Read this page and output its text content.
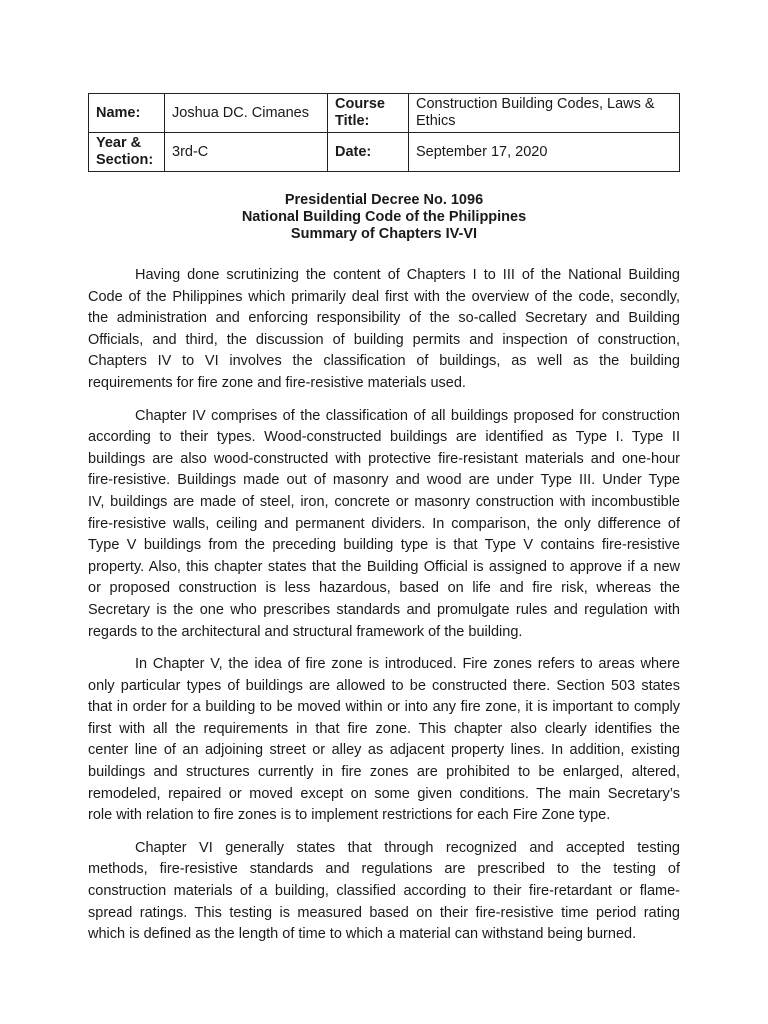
Name:	Joshua DC. Cimanes	Course Title:	Construction Building Codes, Laws & Ethics
Year & Section:	3rd-C	Date:	September 17, 2020
Presidential Decree No. 1096
National Building Code of the Philippines
Summary of Chapters IV-VI
Having done scrutinizing the content of Chapters I to III of the National Building
Code of the Philippines which primarily deal first with the overview of the code, secondly,
the administration and enforcing responsibility of the so-called Secretary and Building
Officials, and third, the discussion of building permits and inspection of construction,
Chapters IV to VI involves the classification of buildings, as well as the building
requirements for fire zone and fire-resistive materials used.
Chapter IV comprises of the classification of all buildings proposed for construction
according to their types. Wood-constructed buildings are identified as Type I. Type II
buildings are also wood-constructed with protective fire-resistant materials and one-hour
fire-resistive. Buildings made out of masonry and wood are under Type III. Under Type
IV, buildings are made of steel, iron, concrete or masonry construction with incombustible
fire-resistive walls, ceiling and permanent dividers. In comparison, the only difference of
Type V buildings from the preceding building type is that Type V contains fire-resistive
property. Also, this chapter states that the Building Official is assigned to approve if a new
or proposed construction is less hazardous, based on life and fire risk, whereas the
Secretary is the one who prescribes standards and promulgate rules and regulation with
regards to the architectural and structural framework of the building.
In Chapter V, the idea of fire zone is introduced. Fire zones refers to areas where
only particular types of buildings are allowed to be constructed there. Section 503 states
that in order for a building to be moved within or into any fire zone, it is important to comply
first with all the requirements in that fire zone. This chapter also clearly identifies the
center line of an adjoining street or alley as adjacent property lines. In addition, existing
buildings and structures currently in fire zones are prohibited to be enlarged, altered,
remodeled, repaired or moved except on some given conditions. The main Secretary’s
role with relation to fire zones is to implement restrictions for each Fire Zone type.
Chapter VI generally states that through recognized and accepted testing
methods, fire-resistive standards and regulations are prescribed to the testing of
construction materials of a building, classified according to their fire-retardant or flame-
spread ratings. This testing is measured based on their fire-resistive time period rating
which is defined as the length of time to which a material can withstand being burned.
